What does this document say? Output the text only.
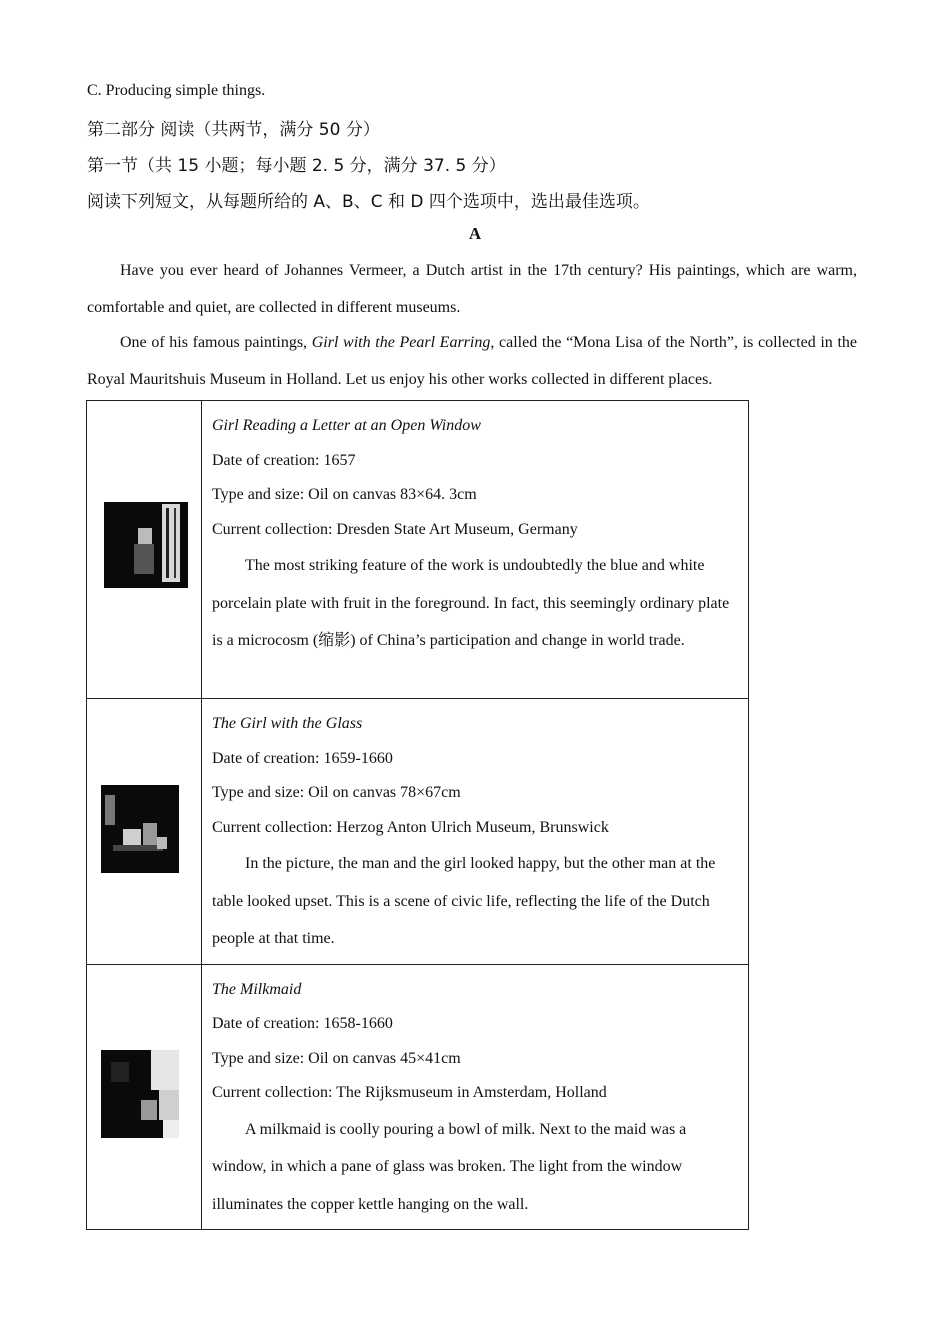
C. Producing simple things.
第二部分 阅读（共两节，满分 50 分）
第一节（共 15 小题；每小题 2. 5 分，满分 37. 5 分）
阅读下列短文，从每题所给的 A、B、C 和 D 四个选项中，选出最佳选项。
A
Have you ever heard of Johannes Vermeer, a Dutch artist in the 17th century? His paintings, which are warm, comfortable and quiet, are collected in different museums.
One of his famous paintings, Girl with the Pearl Earring, called the “Mona Lisa of the North”, is collected in the Royal Mauritshuis Museum in Holland. Let us enjoy his other works collected in different places.

Girl Reading a Letter at an Open Window
Date of creation: 1657
Type and size: Oil on canvas 83×64. 3cm
Current collection: Dresden State Art Museum, Germany
The most striking feature of the work is undoubtedly the blue and white porcelain plate with fruit in the foreground. In fact, this seemingly ordinary plate is a microcosm (缩影) of China’s participation and change in world trade.

The Girl with the Glass
Date of creation: 1659-1660
Type and size: Oil on canvas 78×67cm
Current collection: Herzog Anton Ulrich Museum, Brunswick
In the picture, the man and the girl looked happy, but the other man at the table looked upset. This is a scene of civic life, reflecting the life of the Dutch people at that time.

The Milkmaid
Date of creation: 1658-1660
Type and size: Oil on canvas 45×41cm
Current collection: The Rijksmuseum in Amsterdam, Holland
A milkmaid is coolly pouring a bowl of milk. Next to the maid was a window, in which a pane of glass was broken. The light from the window illuminates the copper kettle hanging on the wall.
